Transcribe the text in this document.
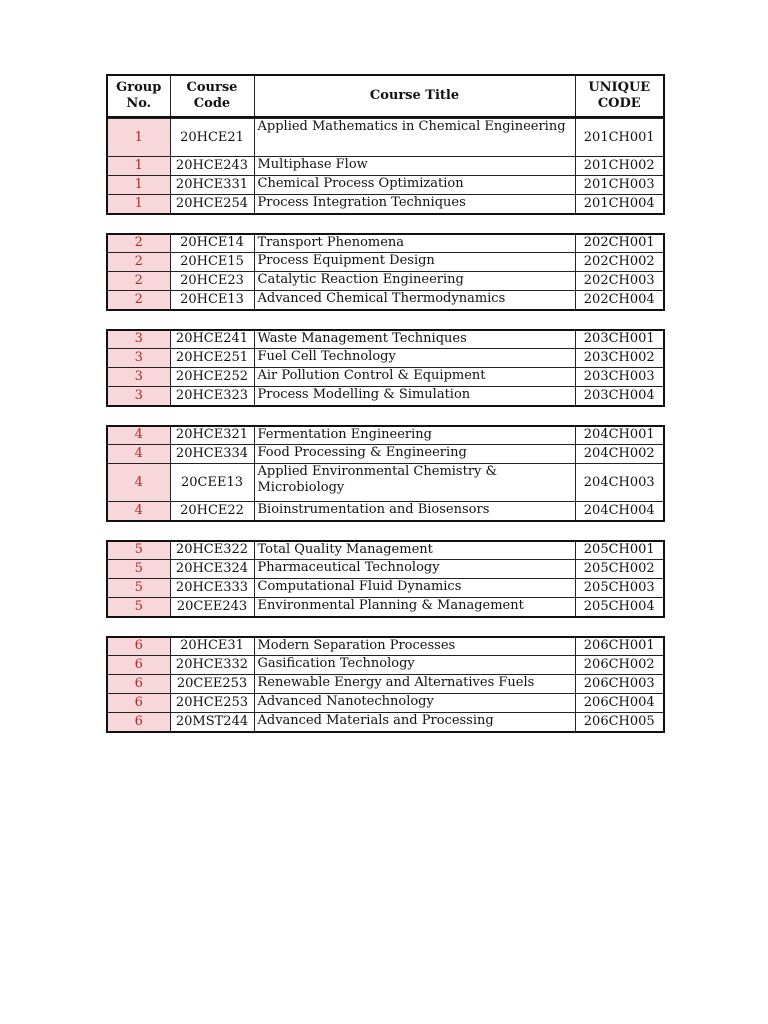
Group No.	Course Code	Course Title	UNIQUE CODE
1	20HCE21	Applied Mathematics in Chemical Engineering	201CH001
1	20HCE243	Multiphase Flow	201CH002
1	20HCE331	Chemical Process Optimization	201CH003
1	20HCE254	Process Integration Techniques	201CH004
2	20HCE14	Transport Phenomena	202CH001
2	20HCE15	Process Equipment Design	202CH002
2	20HCE23	Catalytic Reaction Engineering	202CH003
2	20HCE13	Advanced Chemical Thermodynamics	202CH004
3	20HCE241	Waste Management Techniques	203CH001
3	20HCE251	Fuel Cell Technology	203CH002
3	20HCE252	Air Pollution Control & Equipment	203CH003
3	20HCE323	Process Modelling & Simulation	203CH004
4	20HCE321	Fermentation Engineering	204CH001
4	20HCE334	Food Processing & Engineering	204CH002
4	20CEE13	Applied Environmental Chemistry & Microbiology	204CH003
4	20HCE22	Bioinstrumentation and Biosensors	204CH004
5	20HCE322	Total Quality Management	205CH001
5	20HCE324	Pharmaceutical Technology	205CH002
5	20HCE333	Computational Fluid Dynamics	205CH003
5	20CEE243	Environmental Planning & Management	205CH004
6	20HCE31	Modern Separation Processes	206CH001
6	20HCE332	Gasification Technology	206CH002
6	20CEE253	Renewable Energy and Alternatives Fuels	206CH003
6	20HCE253	Advanced Nanotechnology	206CH004
6	20MST244	Advanced Materials and Processing	206CH005
